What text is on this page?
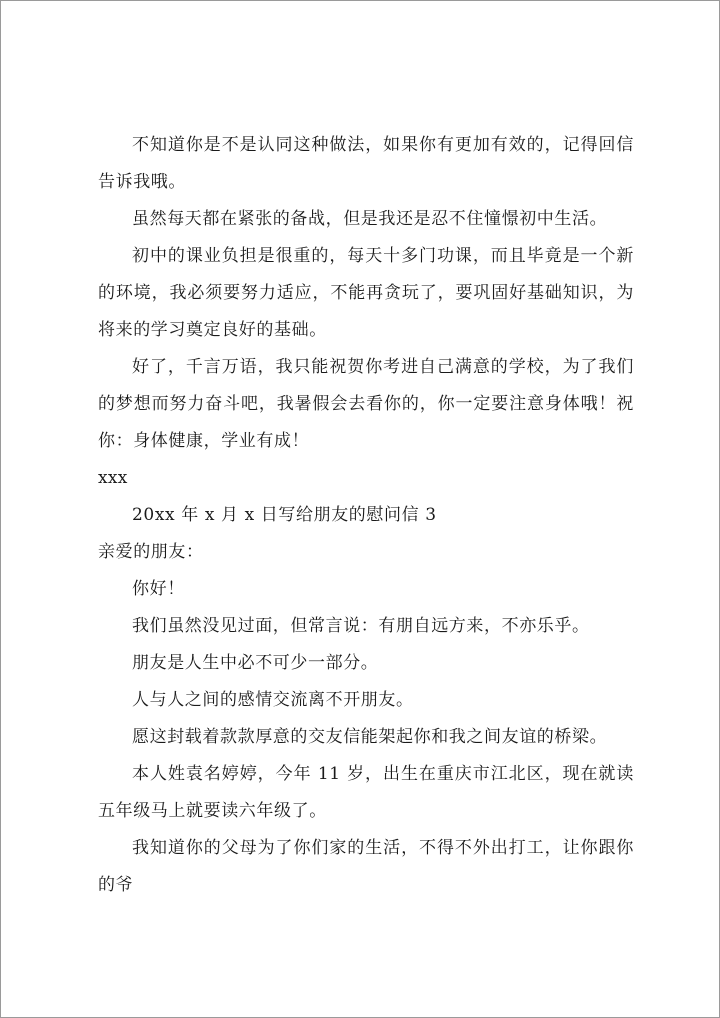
不知道你是不是认同这种做法，如果你有更加有效的，记得回信告诉我哦。

虽然每天都在紧张的备战，但是我还是忍不住憧憬初中生活。

初中的课业负担是很重的，每天十多门功课，而且毕竟是一个新的环境，我必须要努力适应，不能再贪玩了，要巩固好基础知识，为将来的学习奠定良好的基础。

好了，千言万语，我只能祝贺你考进自己满意的学校，为了我们的梦想而努力奋斗吧，我暑假会去看你的，你一定要注意身体哦！祝你：身体健康，学业有成！

xxx

20xx 年 x 月 x 日写给朋友的慰问信 3

亲爱的朋友：

你好！

我们虽然没见过面，但常言说：有朋自远方来，不亦乐乎。

朋友是人生中必不可少一部分。

人与人之间的感情交流离不开朋友。

愿这封载着款款厚意的交友信能架起你和我之间友谊的桥梁。

本人姓袁名婷婷，今年 11 岁，出生在重庆市江北区，现在就读五年级马上就要读六年级了。

我知道你的父母为了你们家的生活，不得不外出打工，让你跟你的爷
